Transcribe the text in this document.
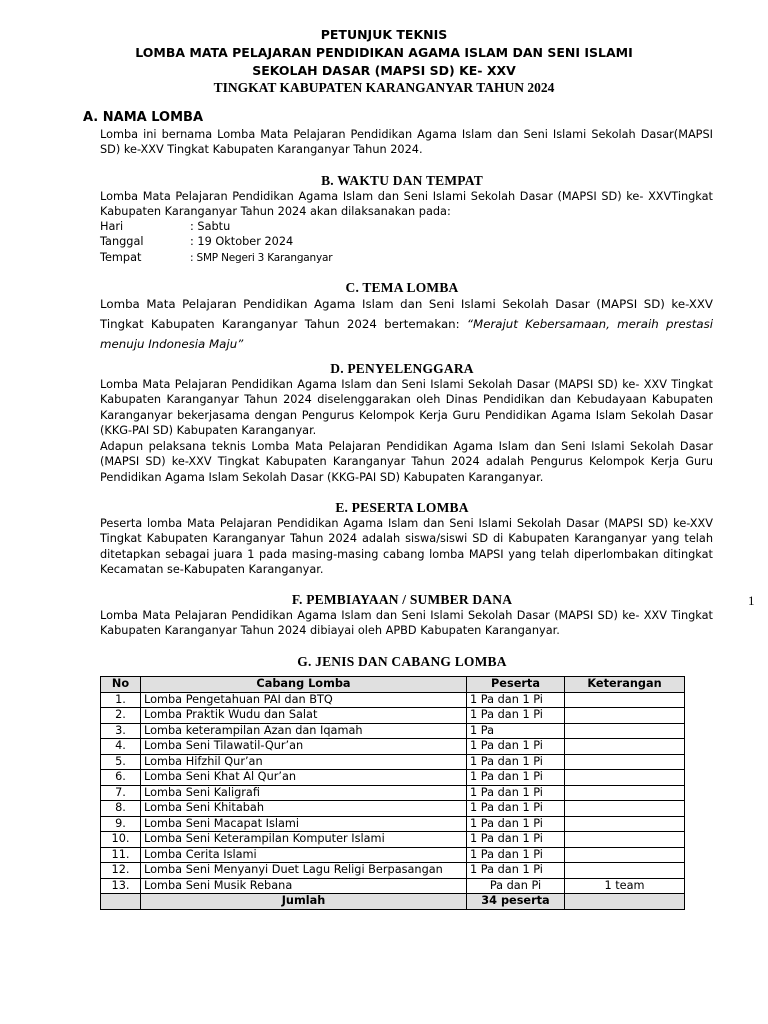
PETUNJUK TEKNIS
LOMBA MATA PELAJARAN PENDIDIKAN AGAMA ISLAM DAN SENI ISLAMI
SEKOLAH DASAR (MAPSI SD) KE- XXV
TINGKAT KABUPATEN KARANGANYAR TAHUN 2024
A. NAMA LOMBA
Lomba ini bernama Lomba Mata Pelajaran Pendidikan Agama Islam dan Seni Islami Sekolah Dasar(MAPSI SD) ke-XXV Tingkat Kabupaten Karanganyar Tahun 2024.
B. WAKTU DAN TEMPAT
Lomba Mata Pelajaran Pendidikan Agama Islam dan Seni Islami Sekolah Dasar (MAPSI SD) ke- XXVTingkat Kabupaten Karanganyar Tahun 2024 akan dilaksanakan pada:
Hari	: Sabtu
Tanggal	: 19 Oktober 2024
Tempat	: SMP Negeri 3 Karanganyar
C. TEMA LOMBA
Lomba Mata Pelajaran Pendidikan Agama Islam dan Seni Islami Sekolah Dasar (MAPSI SD) ke-XXV Tingkat Kabupaten Karanganyar Tahun 2024 bertemakan: “Merajut Kebersamaan, meraih prestasi menuju Indonesia Maju”
D. PENYELENGGARA
Lomba Mata Pelajaran Pendidikan Agama Islam dan Seni Islami Sekolah Dasar (MAPSI SD) ke- XXV Tingkat Kabupaten Karanganyar Tahun 2024 diselenggarakan oleh Dinas Pendidikan dan Kebudayaan Kabupaten Karanganyar bekerjasama dengan Pengurus Kelompok Kerja Guru Pendidikan Agama Islam Sekolah Dasar (KKG-PAI SD) Kabupaten Karanganyar.
Adapun pelaksana teknis Lomba Mata Pelajaran Pendidikan Agama Islam dan Seni Islami Sekolah Dasar (MAPSI SD) ke-XXV Tingkat Kabupaten Karanganyar Tahun 2024 adalah Pengurus Kelompok Kerja Guru Pendidikan Agama Islam Sekolah Dasar (KKG-PAI SD) Kabupaten Karanganyar.
E. PESERTA LOMBA
Peserta lomba Mata Pelajaran Pendidikan Agama Islam dan Seni Islami Sekolah Dasar (MAPSI SD) ke-XXV Tingkat Kabupaten Karanganyar Tahun 2024 adalah siswa/siswi SD di Kabupaten Karanganyar yang telah ditetapkan sebagai juara 1 pada masing-masing cabang lomba MAPSI yang telah diperlombakan ditingkat Kecamatan se-Kabupaten Karanganyar.
F. PEMBIAYAAN / SUMBER DANA
Lomba Mata Pelajaran Pendidikan Agama Islam dan Seni Islami Sekolah Dasar (MAPSI SD) ke- XXV Tingkat Kabupaten Karanganyar Tahun 2024 dibiayai oleh APBD Kabupaten Karanganyar.
1
G. JENIS DAN CABANG LOMBA
No	Cabang Lomba	Peserta	Keterangan
1.	Lomba Pengetahuan PAI dan BTQ	1 Pa dan 1 Pi	
2.	Lomba Praktik Wudu dan Salat	1 Pa dan 1 Pi	
3.	Lomba keterampilan Azan dan Iqamah	1 Pa	
4.	Lomba Seni Tilawatil-Qur’an	1 Pa dan 1 Pi	
5.	Lomba Hifzhil Qur’an	1 Pa dan 1 Pi	
6.	Lomba Seni Khat Al Qur’an	1 Pa dan 1 Pi	
7.	Lomba Seni Kaligrafi	1 Pa dan 1 Pi	
8.	Lomba Seni Khitabah	1 Pa dan 1 Pi	
9.	Lomba Seni Macapat Islami	1 Pa dan 1 Pi	
10.	Lomba Seni Keterampilan Komputer Islami	1 Pa dan 1 Pi	
11.	Lomba Cerita Islami	1 Pa dan 1 Pi	
12.	Lomba Seni Menyanyi Duet Lagu Religi Berpasangan	1 Pa dan 1 Pi	
13.	Lomba Seni Musik Rebana	Pa dan Pi	1 team
	Jumlah	34 peserta	
